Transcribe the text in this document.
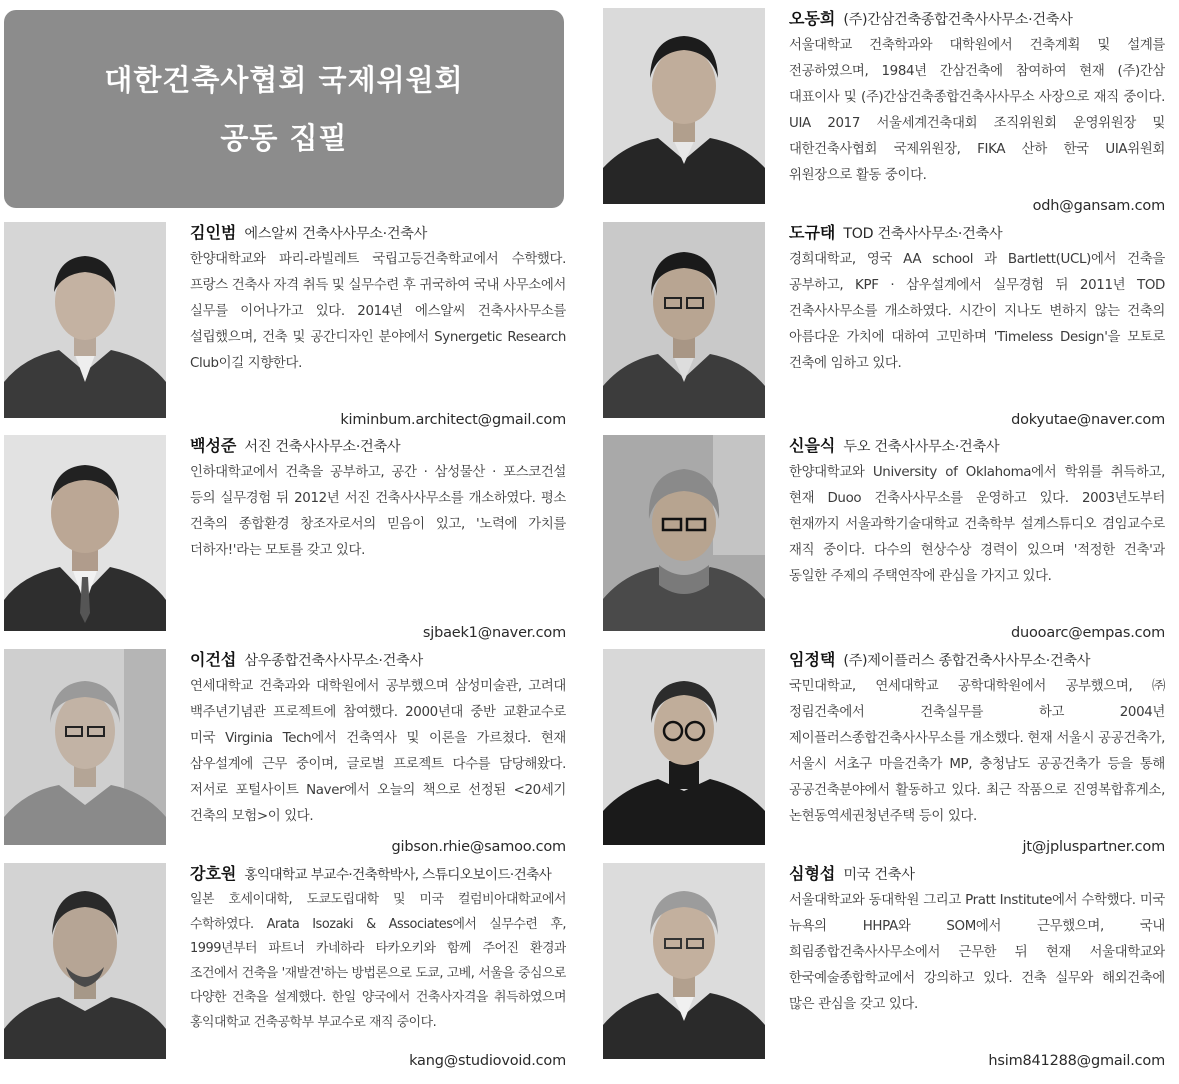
대한건축사협회 국제위원회
공동 집필
김인범 에스알씨 건축사사무소·건축사

한양대학교와 파리-라빌레트 국립고등건축학교에서 수학했다. 프랑스 건축사 자격 취득 및 실무수련 후 귀국하여 국내 사무소에서 실무를 이어나가고 있다. 2014년 에스알씨 건축사사무소를 설립했으며, 건축 및 공간디자인 분야에서 Synergetic Research Club이길 지향한다.

kiminbum.architect@gmail.com
백성준 서진 건축사사무소·건축사

인하대학교에서 건축을 공부하고, 공간 · 삼성물산 · 포스코건설 등의 실무경험 뒤 2012년 서진 건축사사무소를 개소하였다. 평소 건축의 종합환경 창조자로서의 믿음이 있고, '노력에 가치를 더하자!'라는 모토를 갖고 있다.

sjbaek1@naver.com
이건섭 삼우종합건축사사무소·건축사

연세대학교 건축과와 대학원에서 공부했으며 삼성미술관, 고려대 백주년기념관 프로젝트에 참여했다. 2000년대 중반 교환교수로 미국 Virginia Tech에서 건축역사 및 이론을 가르쳤다. 현재 삼우설계에 근무 중이며, 글로벌 프로젝트 다수를 담당해왔다. 저서로 포털사이트 Naver에서 오늘의 책으로 선정된 <20세기 건축의 모험>이 있다.

gibson.rhie@samoo.com
강호원 홍익대학교 부교수·건축학박사, 스튜디오보이드·건축사

일본 호세이대학, 도쿄도립대학 및 미국 컬럼비아대학교에서 수학하였다. Arata Isozaki & Associates에서 실무수련 후, 1999년부터 파트너 카네하라 타카오키와 함께 주어진 환경과 조건에서 건축을 '재발견'하는 방법론으로 도쿄, 고베, 서울을 중심으로 다양한 건축을 설계했다. 한일 양국에서 건축사자격을 취득하였으며 홍익대학교 건축공학부 부교수로 재직 중이다.

kang@studiovoid.com
오동희 (주)간삼건축종합건축사사무소·건축사

서울대학교 건축학과와 대학원에서 건축계획 및 설계를 전공하였으며, 1984년 간삼건축에 참여하여 현재 (주)간삼 대표이사 및 (주)간삼건축종합건축사사무소 사장으로 재직 중이다. UIA 2017 서울세계건축대회 조직위원회 운영위원장 및 대한건축사협회 국제위원장, FIKA 산하 한국 UIA위원회 위원장으로 활동 중이다.

odh@gansam.com
도규태 TOD 건축사사무소·건축사

경희대학교, 영국 AA school 과 Bartlett(UCL)에서 건축을 공부하고, KPF · 삼우설계에서 실무경험 뒤 2011년 TOD 건축사사무소를 개소하였다. 시간이 지나도 변하지 않는 건축의 아름다운 가치에 대하여 고민하며 'Timeless Design'을 모토로 건축에 임하고 있다.

dokyutae@naver.com
신을식 두오 건축사사무소·건축사

한양대학교와 University of Oklahoma에서 학위를 취득하고, 현재 Duoo 건축사사무소를 운영하고 있다. 2003년도부터 현재까지 서울과학기술대학교 건축학부 설계스튜디오 겸임교수로 재직 중이다. 다수의 현상수상 경력이 있으며 '적정한 건축'과 동일한 주제의 주택연작에 관심을 가지고 있다.

duooarc@empas.com
임정택 (주)제이플러스 종합건축사사무소·건축사

국민대학교, 연세대학교 공학대학원에서 공부했으며, ㈜정림건축에서 건축실무를 하고 2004년 제이플러스종합건축사사무소를 개소했다. 현재 서울시 공공건축가, 서울시 서초구 마을건축가 MP, 충청남도 공공건축가 등을 통해 공공건축분야에서 활동하고 있다. 최근 작품으로 진영복합휴게소, 논현동역세권청년주택 등이 있다.

jt@jpluspartner.com
심형섭 미국 건축사

서울대학교와 동대학원 그리고 Pratt Institute에서 수학했다. 미국 뉴욕의 HHPA와 SOM에서 근무했으며, 국내 희림종합건축사사무소에서 근무한 뒤 현재 서울대학교와 한국예술종합학교에서 강의하고 있다. 건축 실무와 해외건축에 많은 관심을 갖고 있다.

hsim841288@gmail.com
